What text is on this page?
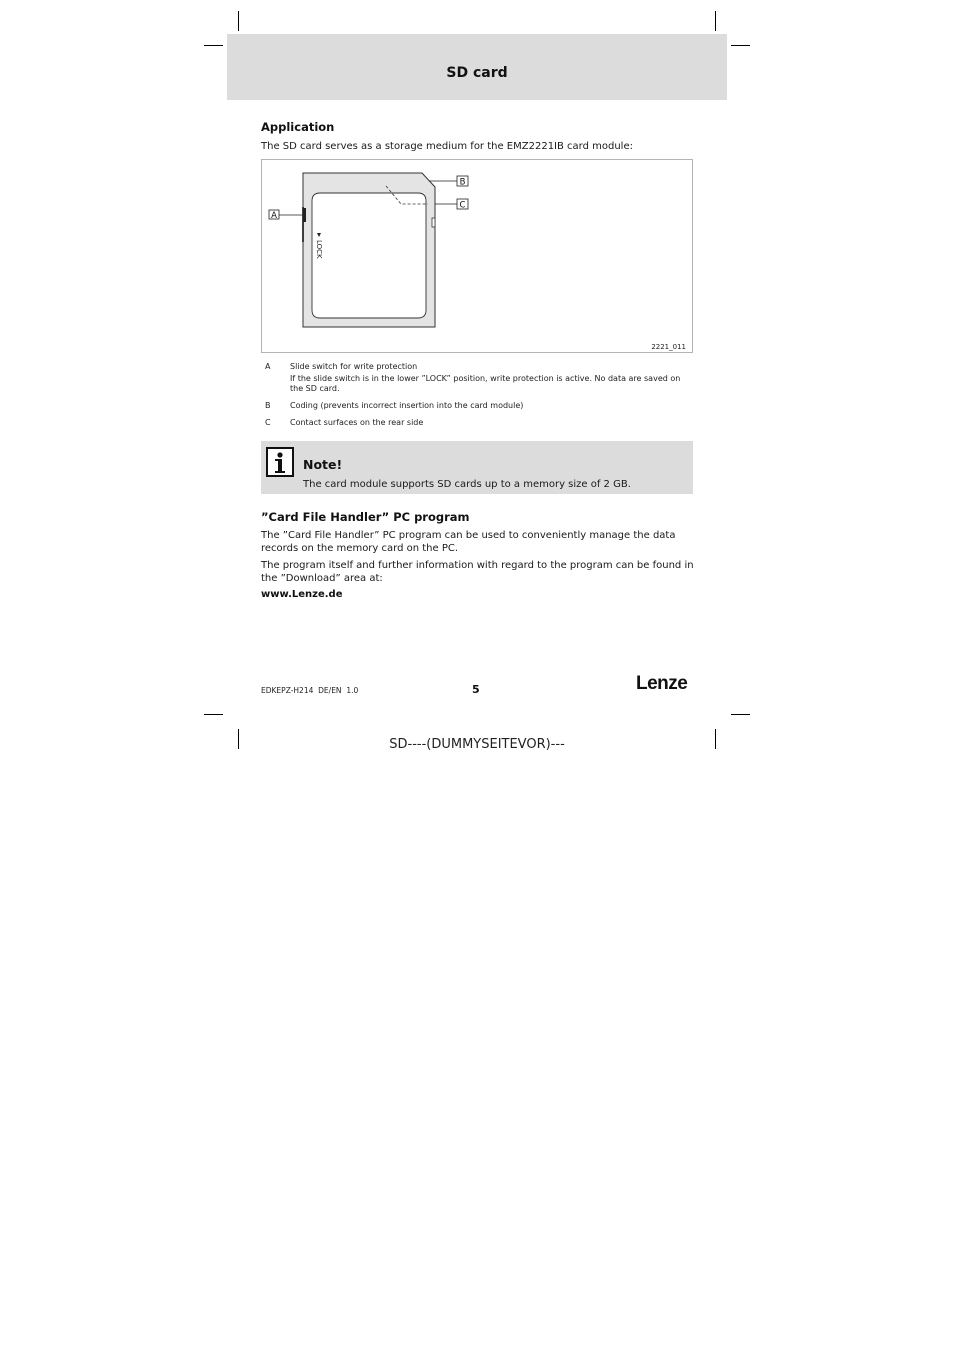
SD card
Application
The SD card serves as a storage medium for the EMZ2221IB card module:
A
B
C
LOCK
2221_011
A Slide switch for write protection
If the slide switch is in the lower ”LOCK” position, write protection is active. No data are saved on the SD card.
B Coding (prevents incorrect insertion into the card module)
C Contact surfaces on the rear side
Note!
The card module supports SD cards up to a memory size of 2 GB.
”Card File Handler” PC program
The ”Card File Handler” PC program can be used to conveniently manage the data records on the memory card on the PC.
The program itself and further information with regard to the program can be found in the ”Download” area at:
www.Lenze.de
EDKEPZ-H214 DE/EN 1.0	5	Lenze
SD----(DUMMYSEITEVOR)---
